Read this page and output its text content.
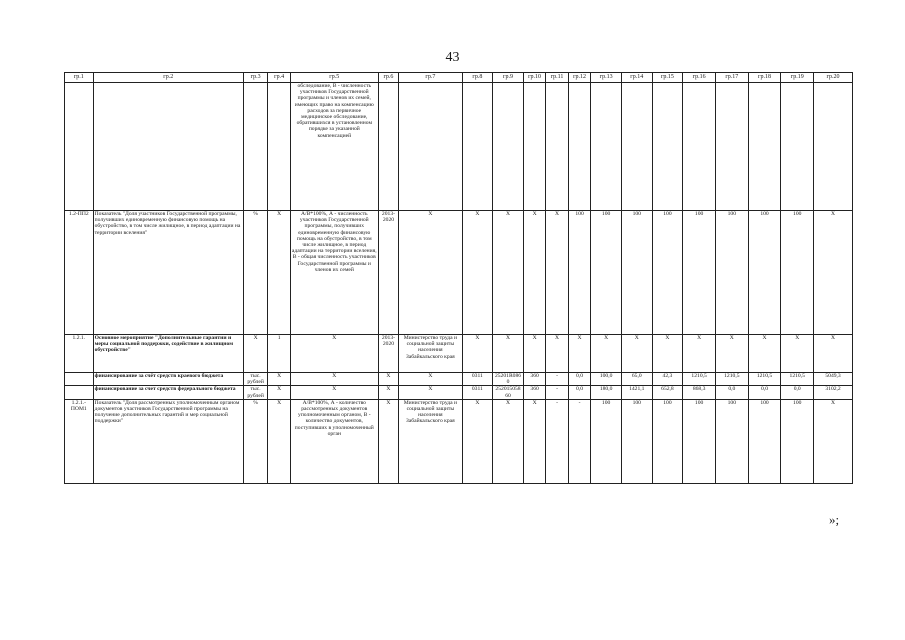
43
гр.1	гр.2	гр.3	гр.4	гр.5	гр.6	гр.7	гр.8	гр.9	гр.10	гр.11	гр.12	гр.13	гр.14	гр.15	гр.16	гр.17	гр.18	гр.19	гр.20
				обследование, В - численность участников Государственной программы и членов их семей, имеющих право на компенсацию расходов за первичное медицинское обследование, обратившихся в установленном порядке за указанной компенсацией															
1.2-ПП2	Показатель "Доля участников Государственной программы, получивших единовременную финансовую помощь на обустройство, в том числе жилищное, в период адаптации на территории вселения"	%	Х	А/В*100%, А - численность участников Государственной программы, получивших единовременную финансовую помощь на обустройство, в том числе жилищное, в период адаптации на территории вселения, В - общая численность участников Государственной программы и членов их семей	2013-2020	Х	Х	Х	Х	Х	100	100	100	100	100	100	100	100	Х
1.2.1.	Основное мероприятие "Дополнительные гарантии и меры социальной поддержки, содействие в жилищном обустройстве"	Х	1	Х	2013-2020	Министерство труда и социальной защиты населения Забайкальского края	Х	Х	Х	Х	Х	Х	Х	Х	Х	Х	Х	Х	Х
	финансирование за счёт средств краевого бюджета	тыс. рублей	Х	Х	Х	Х	0311	25201R0860	360	-	0,0	100,0	65,0	42,3	1210,5	1210,5	1210,5	1210,5	5049,3
	финансирование за счет средств федерального бюджета	тыс. рублей	Х	Х	Х	Х	0311	25201505860	360	-	0,0	180,0	1421,1	652,8	868,3	0,0	0,0	0,0	3102,2
1.2.1.-ПОМ1	Показатель "Доля рассмотренных уполномоченным органом документов участников Государственной программы на получение дополнительных гарантий и мер социальной поддержки"	%	Х	А/В*100%, А - количество рассмотренных документов уполномоченным органом, В - количество документов, поступивших в уполномоченный орган	Х	Министерство труда и социальной защиты населения Забайкальского края	Х	Х	Х	-	-	100	100	100	100	100	100	100	Х
»;
